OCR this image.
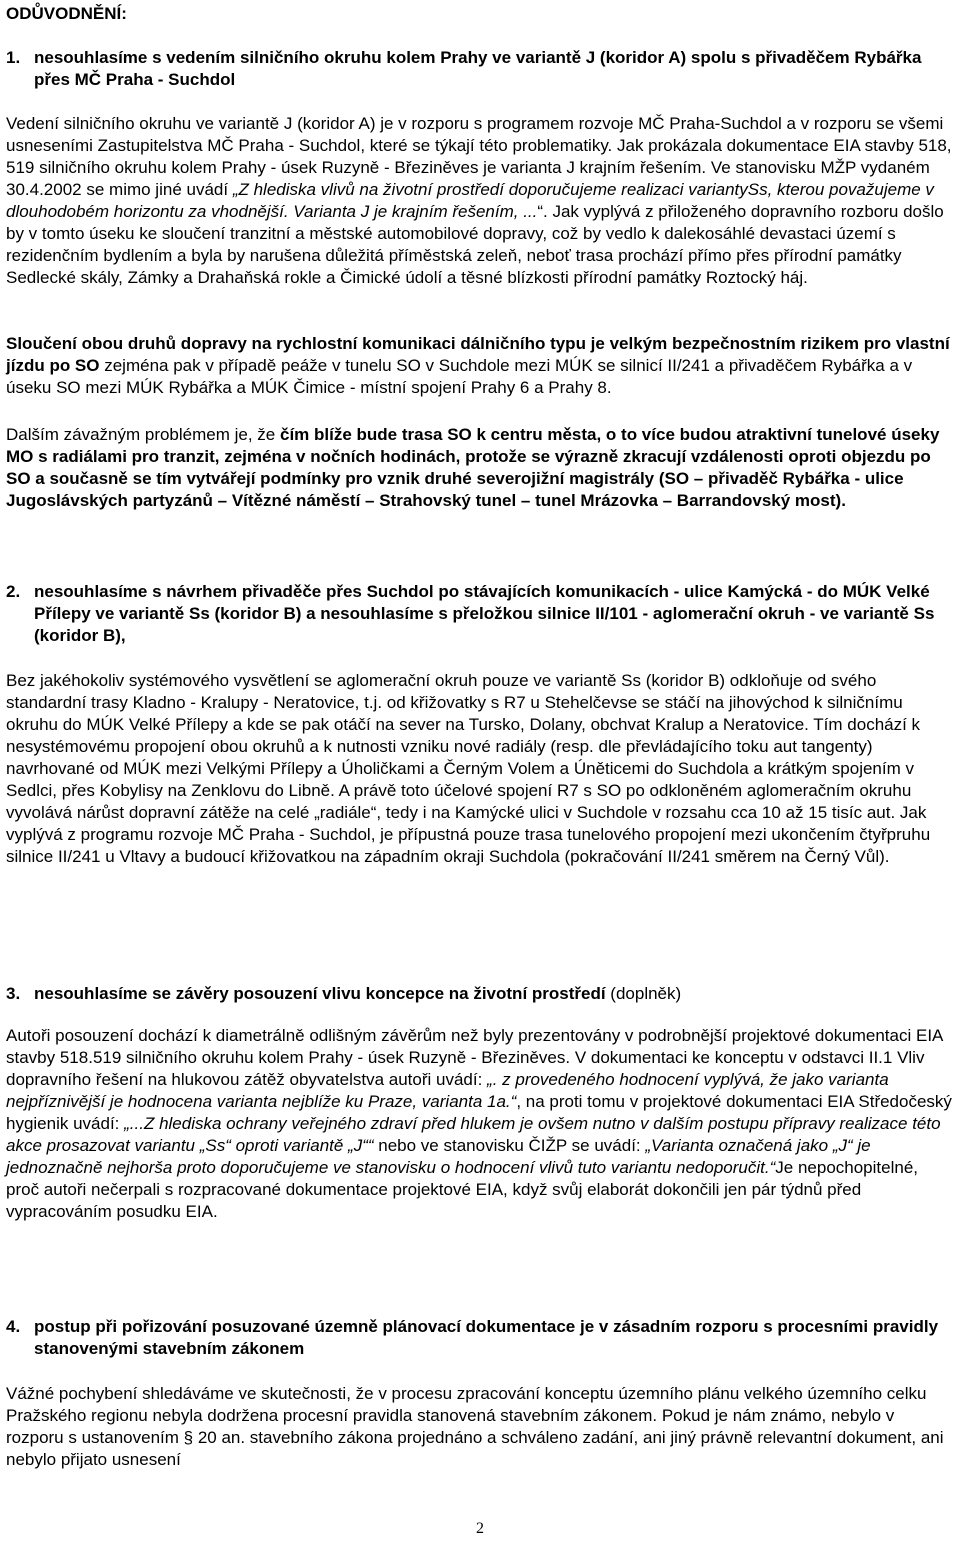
ODŮVODNĚNÍ:
1. nesouhlasíme s vedením silničního okruhu kolem Prahy ve variantě J (koridor A) spolu s přivaděčem Rybářka přes MČ Praha - Suchdol

Vedení silničního okruhu ve variantě J (koridor A) je v rozporu s programem rozvoje MČ Praha-Suchdol a v rozporu se všemi usneseními Zastupitelstva MČ Praha - Suchdol, které se týkají této problematiky. Jak prokázala dokumentace EIA stavby 518, 519 silničního okruhu kolem Prahy - úsek Ruzyně - Březiněves je varianta J krajním řešením. Ve stanovisku MŽP vydaném 30.4.2002 se mimo jiné uvádí „Z hlediska vlivů na životní prostředí doporučujeme realizaci variantySs, kterou považujeme v dlouhodobém horizontu za vhodnější. Varianta J je krajním řešením, ...“. Jak vyplývá z přiloženého dopravního rozboru došlo by v tomto úseku ke sloučení tranzitní a městské automobilové dopravy, což by vedlo k dalekosáhlé devastaci území s rezidenčním bydlením a byla by narušena důležitá příměstská zeleň, neboť trasa prochází přímo přes přírodní památky Sedlecké skály, Zámky a Drahaňská rokle a Čimické údolí a těsné blízkosti přírodní památky Roztocký háj.

Sloučení obou druhů dopravy na rychlostní komunikaci dálničního typu je velkým bezpečnostním rizikem pro vlastní jízdu po SO zejména pak v případě peáže v tunelu SO v Suchdole mezi MÚK se silnicí II/241 a přivaděčem Rybářka a v úseku SO mezi MÚK Rybářka a MÚK Čimice - místní spojení Prahy 6 a Prahy 8.

Dalším závažným problémem je, že čím blíže bude trasa SO k centru města, o to více budou atraktivní tunelové úseky MO s radiálami pro tranzit, zejména v nočních hodinách, protože se výrazně zkracují vzdálenosti oproti objezdu po SO a současně se tím vytvářejí podmínky pro vznik druhé severojižní magistrály (SO – přivaděč Rybářka - ulice Jugoslávských partyzánů – Vítězné náměstí – Strahovský tunel – tunel Mrázovka – Barrandovský most).

2. nesouhlasíme s návrhem přivaděče přes Suchdol po stávajících komunikacích - ulice Kamýcká - do MÚK Velké Přílepy ve variantě Ss (koridor B) a nesouhlasíme s přeložkou silnice II/101 - aglomerační okruh - ve variantě Ss (koridor B),

Bez jakéhokoliv systémového vysvětlení se aglomerační okruh pouze ve variantě Ss (koridor B) odkloňuje od svého standardní trasy Kladno - Kralupy - Neratovice, t.j. od křižovatky s R7 u Stehelčevse se stáčí na jihovýchod k silničnímu okruhu do MÚK Velké Přílepy a kde se pak otáčí na sever na Tursko, Dolany, obchvat Kralup a Neratovice. Tím dochází k nesystémovému propojení obou okruhů a k nutnosti vzniku nové radiály (resp. dle převládajícího toku aut tangenty) navrhované od MÚK mezi Velkými Přílepy a Úholičkami a Černým Volem a Úněticemi do Suchdola a krátkým spojením v Sedlci, přes Kobylisy na Zenklovu do Libně. A právě toto účelové spojení R7 s SO po odkloněném aglomeračním okruhu vyvolává nárůst dopravní zátěže na celé „radiále“, tedy i na Kamýcké ulici v Suchdole v rozsahu cca 10 až 15 tisíc aut. Jak vyplývá z programu rozvoje MČ Praha - Suchdol, je přípustná pouze trasa tunelového propojení mezi ukončením čtyřpruhu silnice II/241 u Vltavy a budoucí křižovatkou na západním okraji Suchdola (pokračování II/241 směrem na Černý Vůl).

3. nesouhlasíme se závěry posouzení vlivu koncepce na životní prostředí (doplněk)

Autoři posouzení dochází k diametrálně odlišným závěrům než byly prezentovány v podrobnější projektové dokumentaci EIA stavby 518.519 silničního okruhu kolem Prahy - úsek Ruzyně - Březiněves. V dokumentaci ke konceptu v odstavci II.1 Vliv dopravního řešení na hlukovou zátěž obyvatelstva autoři uvádí: „. z provedeného hodnocení vyplývá, že jako varianta nejpříznivější je hodnocena varianta nejblíže ku Praze, varianta 1a.“, na proti tomu v projektové dokumentaci EIA Středočeský hygienik uvádí: „...Z hlediska ochrany veřejného zdraví před hlukem je ovšem nutno v dalším postupu přípravy realizace této akce prosazovat variantu „Ss“ oproti variantě „J““ nebo ve stanovisku ČIŽP se uvádí: „Varianta označená jako „J“ je jednoznačně nejhorša proto doporučujeme ve stanovisku o hodnocení vlivů tuto variantu nedoporučit.“Je nepochopitelné, proč autoři nečerpali s rozpracované dokumentace projektové EIA, když svůj elaborát dokončili jen pár týdnů před vypracováním posudku EIA.

4. postup při pořizování posuzované územně plánovací dokumentace je v zásadním rozporu s procesními pravidly stanovenými stavebním zákonem

Vážné pochybení shledáváme ve skutečnosti, že v procesu zpracování konceptu územního plánu velkého územního celku Pražského regionu nebyla dodržena procesní pravidla stanovená stavebním zákonem. Pokud je nám známo, nebylo v rozporu s ustanovením § 20 an. stavebního zákona projednáno a schváleno zadání, ani jiný právně relevantní dokument, ani nebylo přijato usnesení

2
